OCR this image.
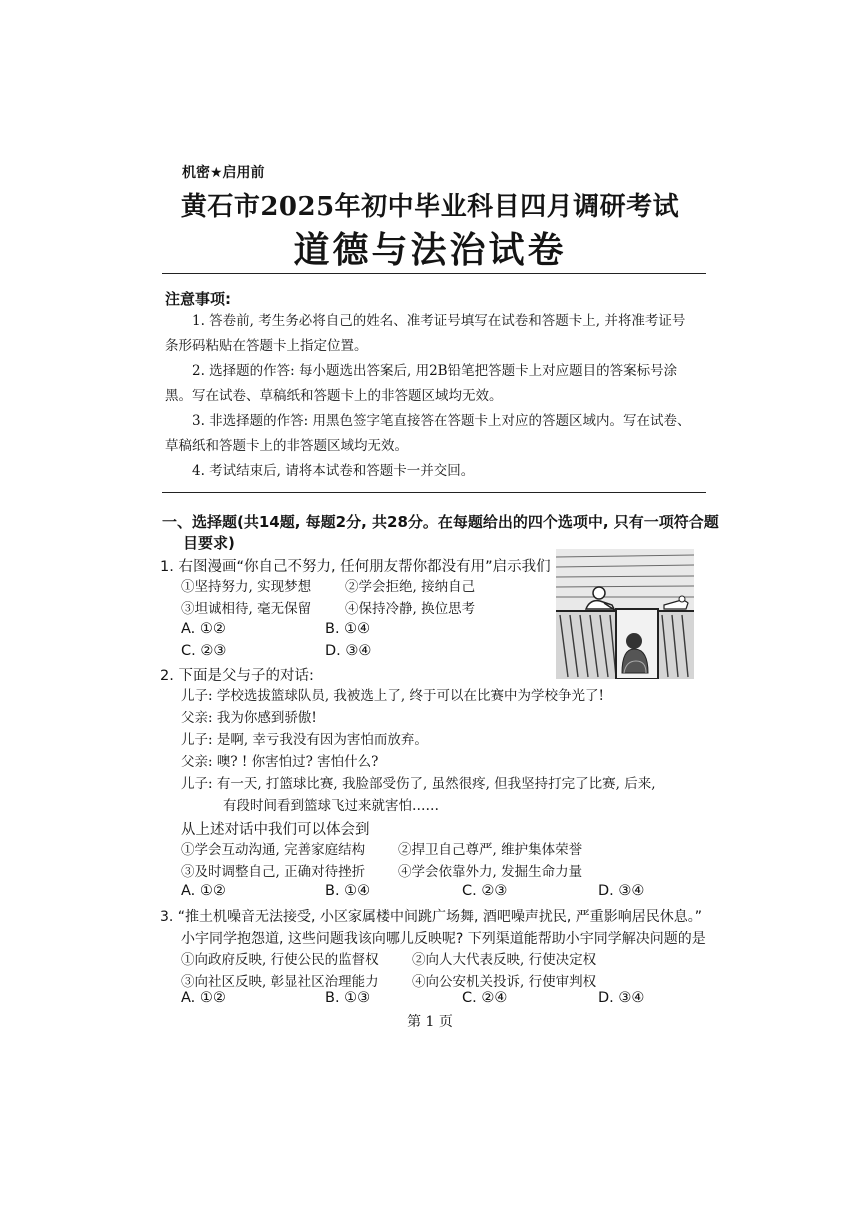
机密★启用前
黄石市2025年初中毕业科目四月调研考试
道德与法治试卷
注意事项:
1. 答卷前, 考生务必将自己的姓名、准考证号填写在试卷和答题卡上, 并将准考证号
条形码粘贴在答题卡上指定位置。
2. 选择题的作答: 每小题选出答案后, 用2B铅笔把答题卡上对应题目的答案标号涂
黑。写在试卷、草稿纸和答题卡上的非答题区域均无效。
3. 非选择题的作答: 用黑色签字笔直接答在答题卡上对应的答题区域内。写在试卷、
草稿纸和答题卡上的非答题区域均无效。
4. 考试结束后, 请将本试卷和答题卡一并交回。
一、选择题(共14题, 每题2分, 共28分。在每题给出的四个选项中, 只有一项符合题
目要求)
1. 右图漫画“你自己不努力, 任何朋友帮你都没有用”启示我们
①坚持努力, 实现梦想	②学会拒绝, 接纳自己
③坦诚相待, 毫无保留	④保持冷静, 换位思考
A. ①②	B. ①④
C. ②③	D. ③④
2. 下面是父与子的对话:
儿子: 学校选拔篮球队员, 我被选上了, 终于可以在比赛中为学校争光了!
父亲: 我为你感到骄傲!
儿子: 是啊, 幸亏我没有因为害怕而放弃。
父亲: 噢? ! 你害怕过? 害怕什么?
儿子: 有一天, 打篮球比赛, 我脸部受伤了, 虽然很疼, 但我坚持打完了比赛, 后来,
有段时间看到篮球飞过来就害怕……
从上述对话中我们可以体会到
①学会互动沟通, 完善家庭结构 ②捍卫自己尊严, 维护集体荣誉
③及时调整自己, 正确对待挫折 ④学会依靠外力, 发掘生命力量
A. ①②	B. ①④	C. ②③	D. ③④
3. “推土机噪音无法接受, 小区家属楼中间跳广场舞, 酒吧噪声扰民, 严重影响居民休息。”
小宇同学抱怨道, 这些问题我该向哪儿反映呢? 下列渠道能帮助小宇同学解决问题的是
①向政府反映, 行使公民的监督权 ②向人大代表反映, 行使决定权
③向社区反映, 彰显社区治理能力 ④向公安机关投诉, 行使审判权
A. ①②	B. ①③	C. ②④	D. ③④
第 1 页
